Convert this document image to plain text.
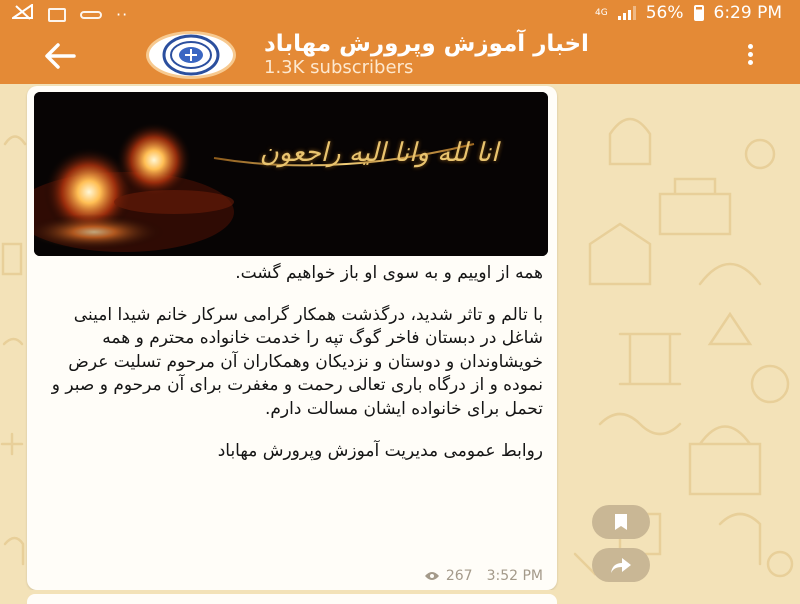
··	4G 56% 6:29 PM
اخبار آموزش وپرورش مهاباد
1.3K subscribers
انا لله وانا الیه راجعون

همه از اوییم و به سوی او باز خواهیم گشت.

با تالم و تاثر شدید، درگذشت همکار گرامی سرکار خانم شیدا امینی شاغل در دبستان فاخر گوگ تپه را خدمت خانواده محترم و همه خویشاوندان و دوستان و نزدیکان وهمکاران آن مرحوم تسلیت عرض نموده و از درگاه باری تعالی رحمت و مغفرت برای آن مرحوم و صبر و تحمل برای خانواده ایشان مسالت دارم.

روابط عمومی مدیریت آموزش وپرورش مهاباد

267 3:52 PM
